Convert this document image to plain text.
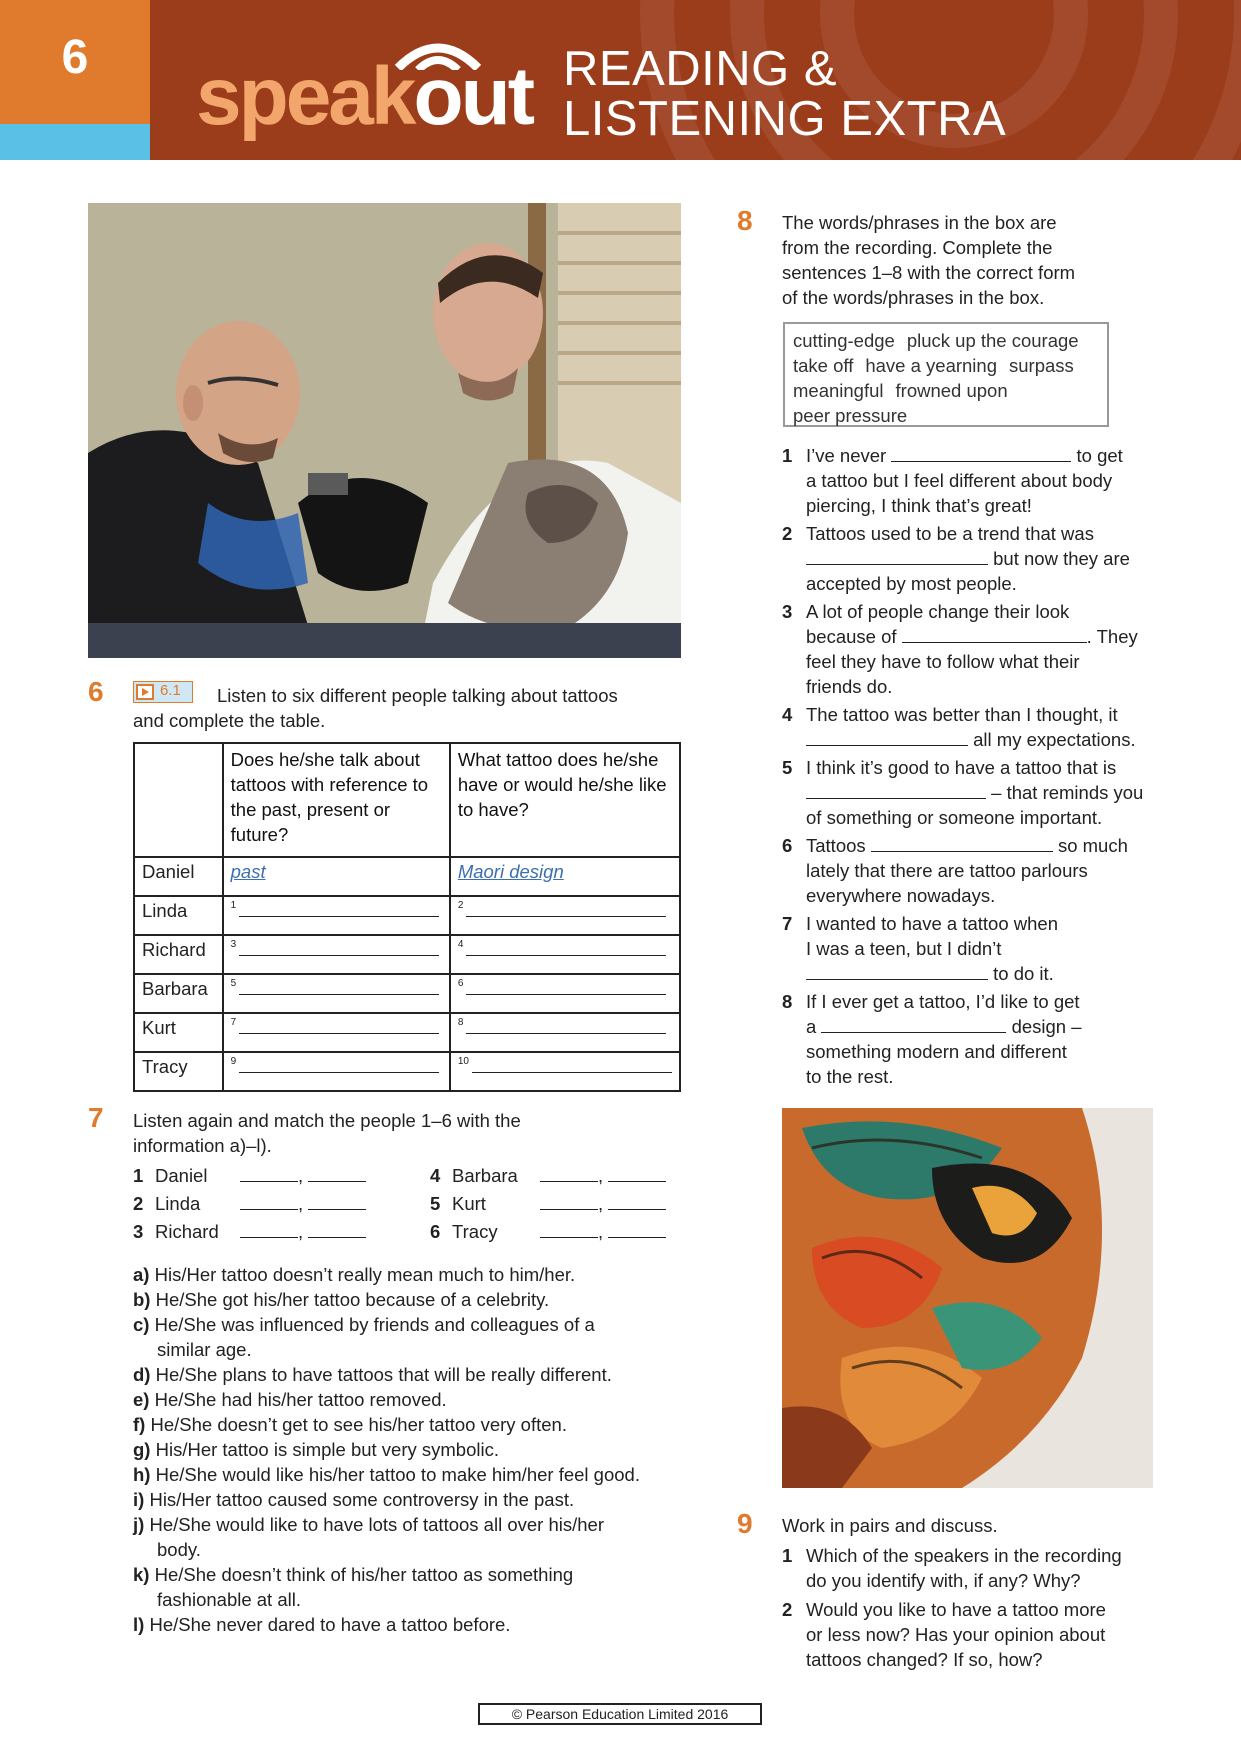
6	speakout READING &
LISTENING EXTRA
6	6.1 Listen to six different people talking about tattoos
and complete the table.
	Does he/she talk about tattoos with reference to the past, present or future?	What tattoo does he/she have or would he/she like to have?
Daniel	past	Maori design
Linda	$^1$	$^2$
Richard	$^3$	$^4$
Barbara	$^5$	$^6$
Kurt	$^7$	$^8$
Tracy	$^9$	$^{10}$
7 Listen again and match the people 1–6 with the
information a)–l).
1 Daniel	,
2 Linda	,
3 Richard	,
4 Barbara	,
5 Kurt	,
6 Tracy	,
a) His/Her tattoo doesn’t really mean much to him/her.
b) He/She got his/her tattoo because of a celebrity.
c) He/She was influenced by friends and colleagues of a
similar age.
d) He/She plans to have tattoos that will be really different.
e) He/She had his/her tattoo removed.
f) He/She doesn’t get to see his/her tattoo very often.
g) His/Her tattoo is simple but very symbolic.
h) He/She would like his/her tattoo to make him/her feel good.
i) His/Her tattoo caused some controversy in the past.
j) He/She would like to have lots of tattoos all over his/her
body.
k) He/She doesn’t think of his/her tattoo as something
fashionable at all.
l) He/She never dared to have a tattoo before.
8 The words/phrases in the box are
from the recording. Complete the
sentences 1–8 with the correct form
of the words/phrases in the box.
cutting-edge pluck up the courage
take off have a yearning surpass
meaningful frowned upon
peer pressure
1 I’ve never	to get
a tattoo but I feel different about body
piercing, I think that’s great!
2 Tattoos used to be a trend that was
but now they are
accepted by most people.
3 A lot of people change their look
because of	. They
feel they have to follow what their
friends do.
4 The tattoo was better than I thought, it
all my expectations.
5 I think it’s good to have a tattoo that is
– that reminds you
of something or someone important.
6 Tattoos	so much
lately that there are tattoo parlours
everywhere nowadays.
7 I wanted to have a tattoo when
I was a teen, but I didn’t
to do it.
8 If I ever get a tattoo, I’d like to get
a	design –
something modern and different
to the rest.
9 Work in pairs and discuss.
1 Which of the speakers in the recording
do you identify with, if any? Why?
2 Would you like to have a tattoo more
or less now? Has your opinion about
tattoos changed? If so, how?
© Pearson Education Limited 2016
